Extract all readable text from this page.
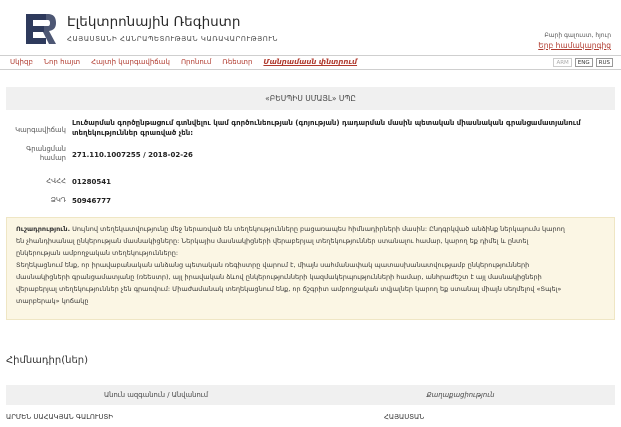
Էլեկտրոնային Ռեգիստր
ՀԱՅԱՍՏԱՆԻ ՀԱՆՐԱՊԵՏՈՒԹՅԱՆ ԿԱՌԱՎԱՐՈՒԹՅՈՒՆ	Բարի գալուստ, հյուր
Երբ համակարգից
Սկիզբ Նոր հայտ Հայտի կարգավիճակ Որոնում Ռեեստր Մանրամասն փնտրում	ARM	ENG	RUS
«ԲԵՍՊԻՍ ՍՄԱՅԼ» ՍՊԸ
Կարգավիճակ
Լուծարման գործընթացում գտնվելու կամ գործունեության (գոյության) դադարման մասին պետական միասնական գրանցամատյանում տեղեկություններ գրառված չեն:
Գրանցման համար 271.110.1007255 / 2018-02-26
ՀՎՀՀ 01280541
ՁԿԴ 50946777
Ուշադրություն. Սույնով տեղեկատվությունը մեջ ներառված են տեղեկությունները բացառապես հիմնադիրների մասին: Ընդգրկված անձինք ներկայումս կարող
են չհանդիսանալ ընկերության մասնակիցները: Ներկայիս մասնակիցների վերաբերյալ տեղեկություններ ստանալու համար, կարող եք դիմել և ընտել
ընկերության ամբողջական տեղեկությունները:
Տեղեկացնում ենք, որ իրավաբանական անձանց պետական ռեգիստրը վարում է, միայն սահմանափակ պատասխանատվությամբ ընկերությունների
մասնակիցների գրանցամատյանը (ռեեստր), այլ իրավական ձևով ընկերությունների կազմակերպությունների համար, անհրաժեշտ է այլ մասնակիցների
վերաբերյալ տեղեկություններ չեն գրառվում: Միաժամանակ տեղեկացնում ենք, որ ճշգրիտ ամբողջական տվյալներ կարող եք ստանալ միայն սեղմելով «Տպել»
տարբերակ» կոճակը
Հիմնադիր(ներ)
Անուն ազգանուն / Անվանում	Քաղաքացիություն
ԱՐՄԵՆ ՍԱՀԱԿՅԱՆ ԳԱԼՈՒՍՏԻ	ՀԱՅԱՍՏԱՆ
